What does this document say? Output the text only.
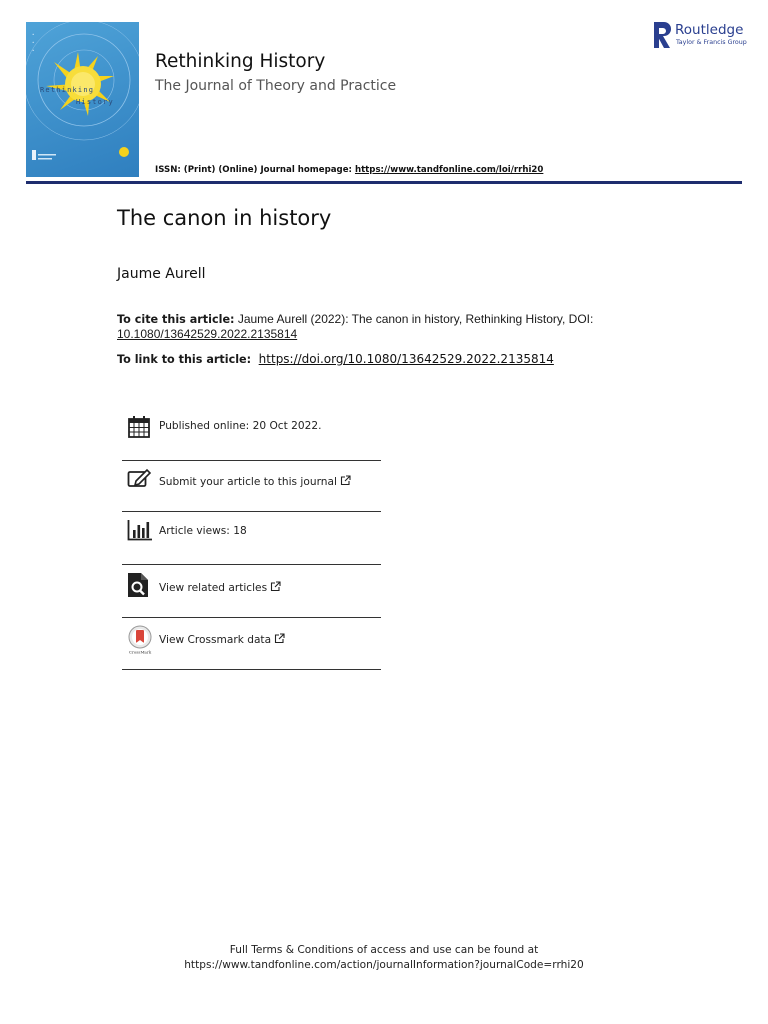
•
•
•
Rethinking
History
Rethinking History
The Journal of Theory and Practice
ISSN: (Print) (Online) Journal homepage: https://www.tandfonline.com/loi/rrhi20
Routledge
Taylor & Francis Group
The canon in history
Jaume Aurell
To cite this article: Jaume Aurell (2022): The canon in history, Rethinking History, DOI:
10.1080/13642529.2022.2135814
To link to this article: https://doi.org/10.1080/13642529.2022.2135814
Published online: 20 Oct 2022.
Submit your article to this journal
Article views: 18
View related articles
CrossMark
View Crossmark data
Full Terms & Conditions of access and use can be found at
https://www.tandfonline.com/action/journalInformation?journalCode=rrhi20
